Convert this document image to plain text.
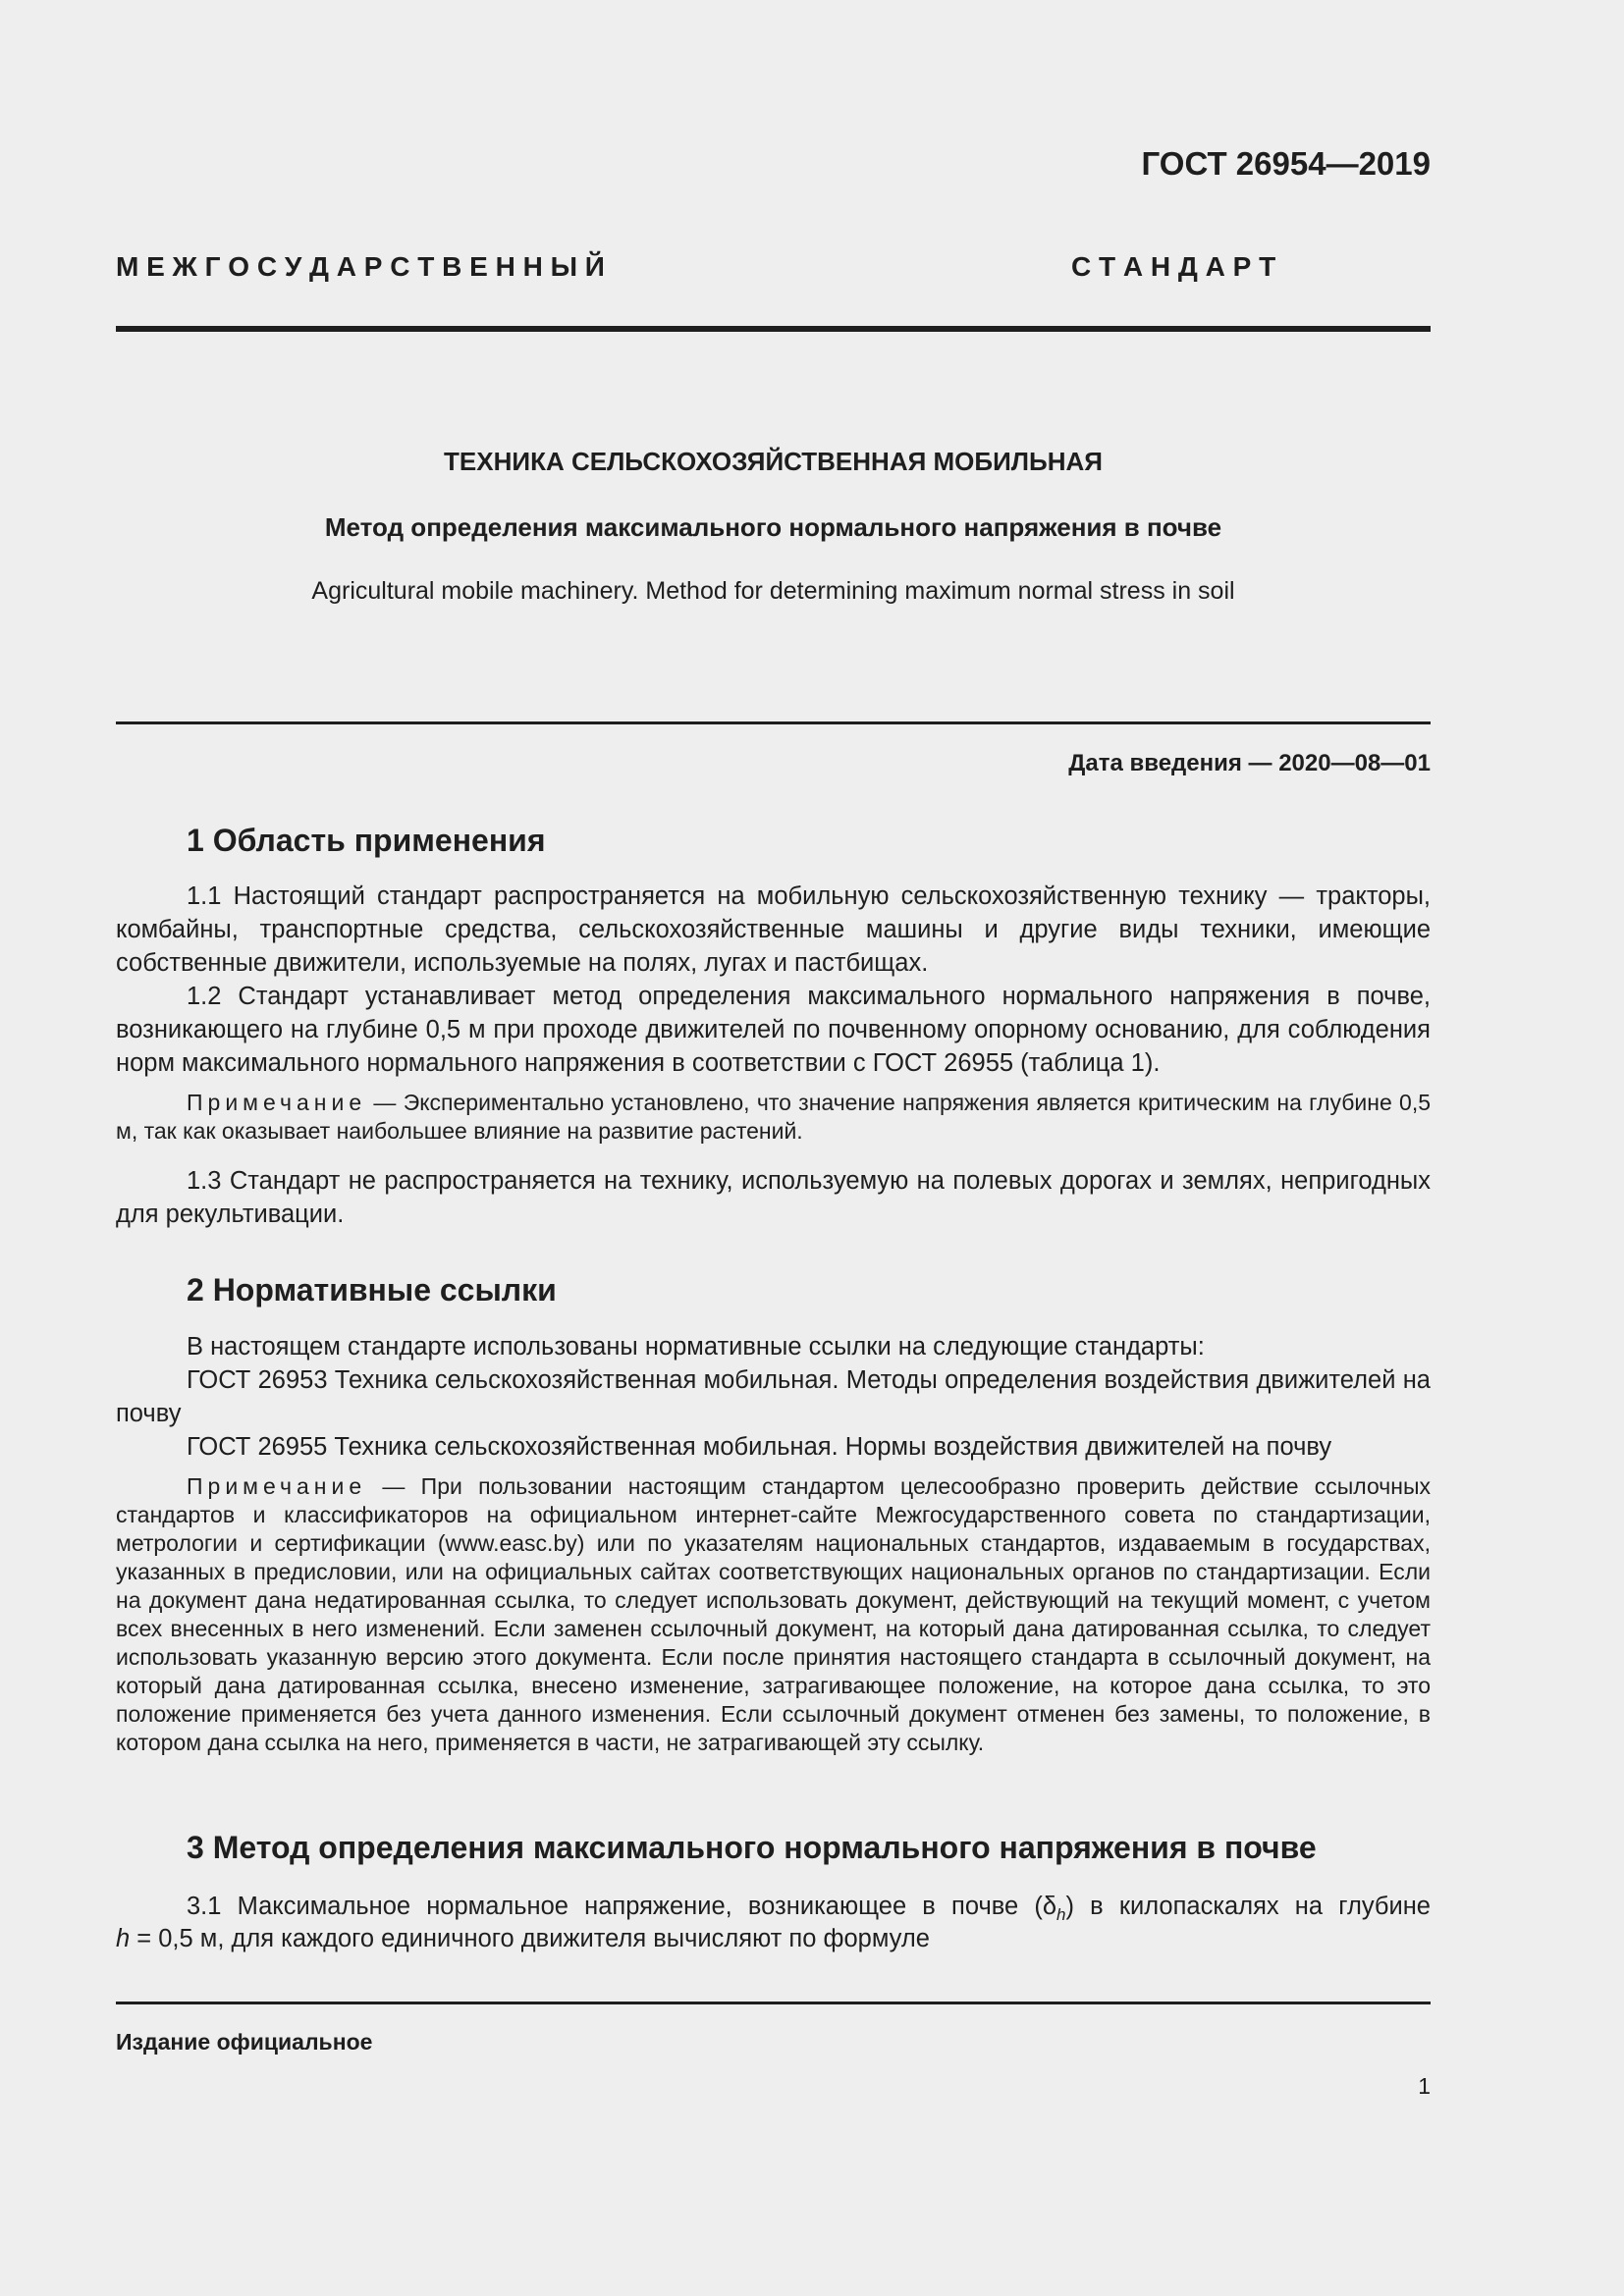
ГОСТ 26954—2019
М Е Ж Г О С У Д А Р С Т В Е Н Н Ы Й	С Т А Н Д А Р Т
ТЕХНИКА СЕЛЬСКОХОЗЯЙСТВЕННАЯ МОБИЛЬНАЯ
Метод определения максимального нормального напряжения в почве
Agricultural mobile machinery. Method for determining maximum normal stress in soil
Дата введения — 2020—08—01
1 Область применения
1.1 Настоящий стандарт распространяется на мобильную сельскохозяйственную технику — тракторы, комбайны, транспортные средства, сельскохозяйственные машины и другие виды техники, имеющие собственные движители, используемые на полях, лугах и пастбищах.
1.2 Стандарт устанавливает метод определения максимального нормального напряжения в почве, возникающего на глубине 0,5 м при проходе движителей по почвенному опорному основанию, для соблюдения норм максимального нормального напряжения в соответствии с ГОСТ 26955 (таблица 1).
Примечание — Экспериментально установлено, что значение напряжения является критическим на глубине 0,5 м, так как оказывает наибольшее влияние на развитие растений.
1.3 Стандарт не распространяется на технику, используемую на полевых дорогах и землях, непригодных для рекультивации.
2 Нормативные ссылки
В настоящем стандарте использованы нормативные ссылки на следующие стандарты:
ГОСТ 26953 Техника сельскохозяйственная мобильная. Методы определения воздействия движителей на почву
ГОСТ 26955 Техника сельскохозяйственная мобильная. Нормы воздействия движителей на почву
Примечание — При пользовании настоящим стандартом целесообразно проверить действие ссылочных стандартов и классификаторов на официальном интернет-сайте Межгосударственного совета по стандартизации, метрологии и сертификации (www.easc.by) или по указателям национальных стандартов, издаваемым в государствах, указанных в предисловии, или на официальных сайтах соответствующих национальных органов по стандартизации. Если на документ дана недатированная ссылка, то следует использовать документ, действующий на текущий момент, с учетом всех внесенных в него изменений. Если заменен ссылочный документ, на который дана датированная ссылка, то следует использовать указанную версию этого документа. Если после принятия настоящего стандарта в ссылочный документ, на который дана датированная ссылка, внесено изменение, затрагивающее положение, на которое дана ссылка, то это положение применяется без учета данного изменения. Если ссылочный документ отменен без замены, то положение, в котором дана ссылка на него, применяется в части, не затрагивающей эту ссылку.
3 Метод определения максимального нормального напряжения в почве
3.1 Максимальное нормальное напряжение, возникающее в почве $(\delta_h)$ в килопаскалях на глубине
h = 0,5 м, для каждого единичного движителя вычисляют по формуле
Издание официальное
1
